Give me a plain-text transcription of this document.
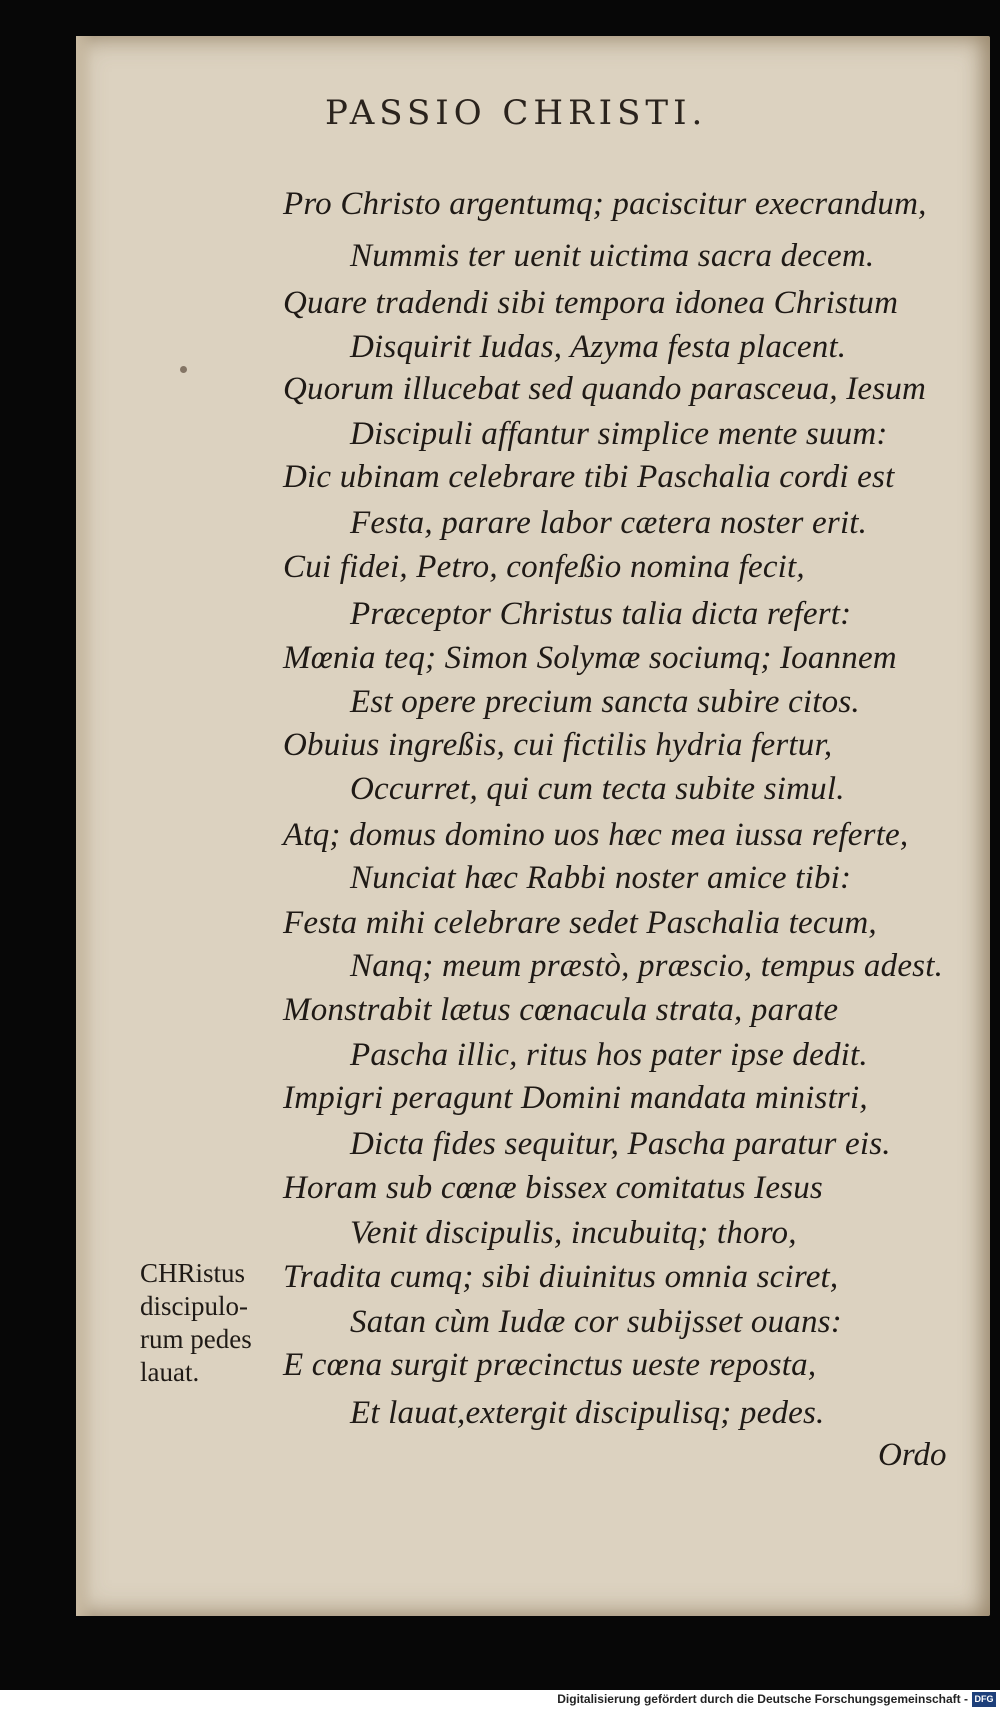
PASSIO CHRISTI.
Pro Christo argentumq; paciscitur execrandum,
Nummis ter uenit uictima sacra decem.
Quare tradendi sibi tempora idonea Christum
Disquirit Iudas, Azyma festa placent.
Quorum illucebat sed quando parasceua, Iesum
Discipuli affantur simplice mente suum:
Dic ubinam celebrare tibi Paschalia cordi est
Festa, parare labor cætera noster erit.
Cui fidei, Petro, confeßio nomina fecit,
Præceptor Christus talia dicta refert:
Mœnia teq; Simon Solymæ sociumq; Ioannem
Est opere precium sancta subire citos.
Obuius ingreßis, cui fictilis hydria fertur,
Occurret, qui cum tecta subite simul.
Atq; domus domino uos hæc mea iussa referte,
Nunciat hæc Rabbi noster amice tibi:
Festa mihi celebrare sedet Paschalia tecum,
Nanq; meum præstò, præscio, tempus adest.
Monstrabit lætus cœnacula strata, parate
Pascha illic, ritus hos pater ipse dedit.
Impigri peragunt Domini mandata ministri,
Dicta fides sequitur, Pascha paratur eis.
Horam sub cœnæ bissex comitatus Iesus
Venit discipulis, incubuitq; thoro,
Tradita cumq; sibi diuinitus omnia sciret,
Satan cùm Iudæ cor subijsset ouans:
E cœna surgit præcinctus ueste reposta,
Et lauat,extergit discipulisq; pedes.
CHRistus
discipulo-
rum pedes
lauat.
Ordo
Digitalisierung gefördert durch die Deutsche Forschungsgemeinschaft - DFG
